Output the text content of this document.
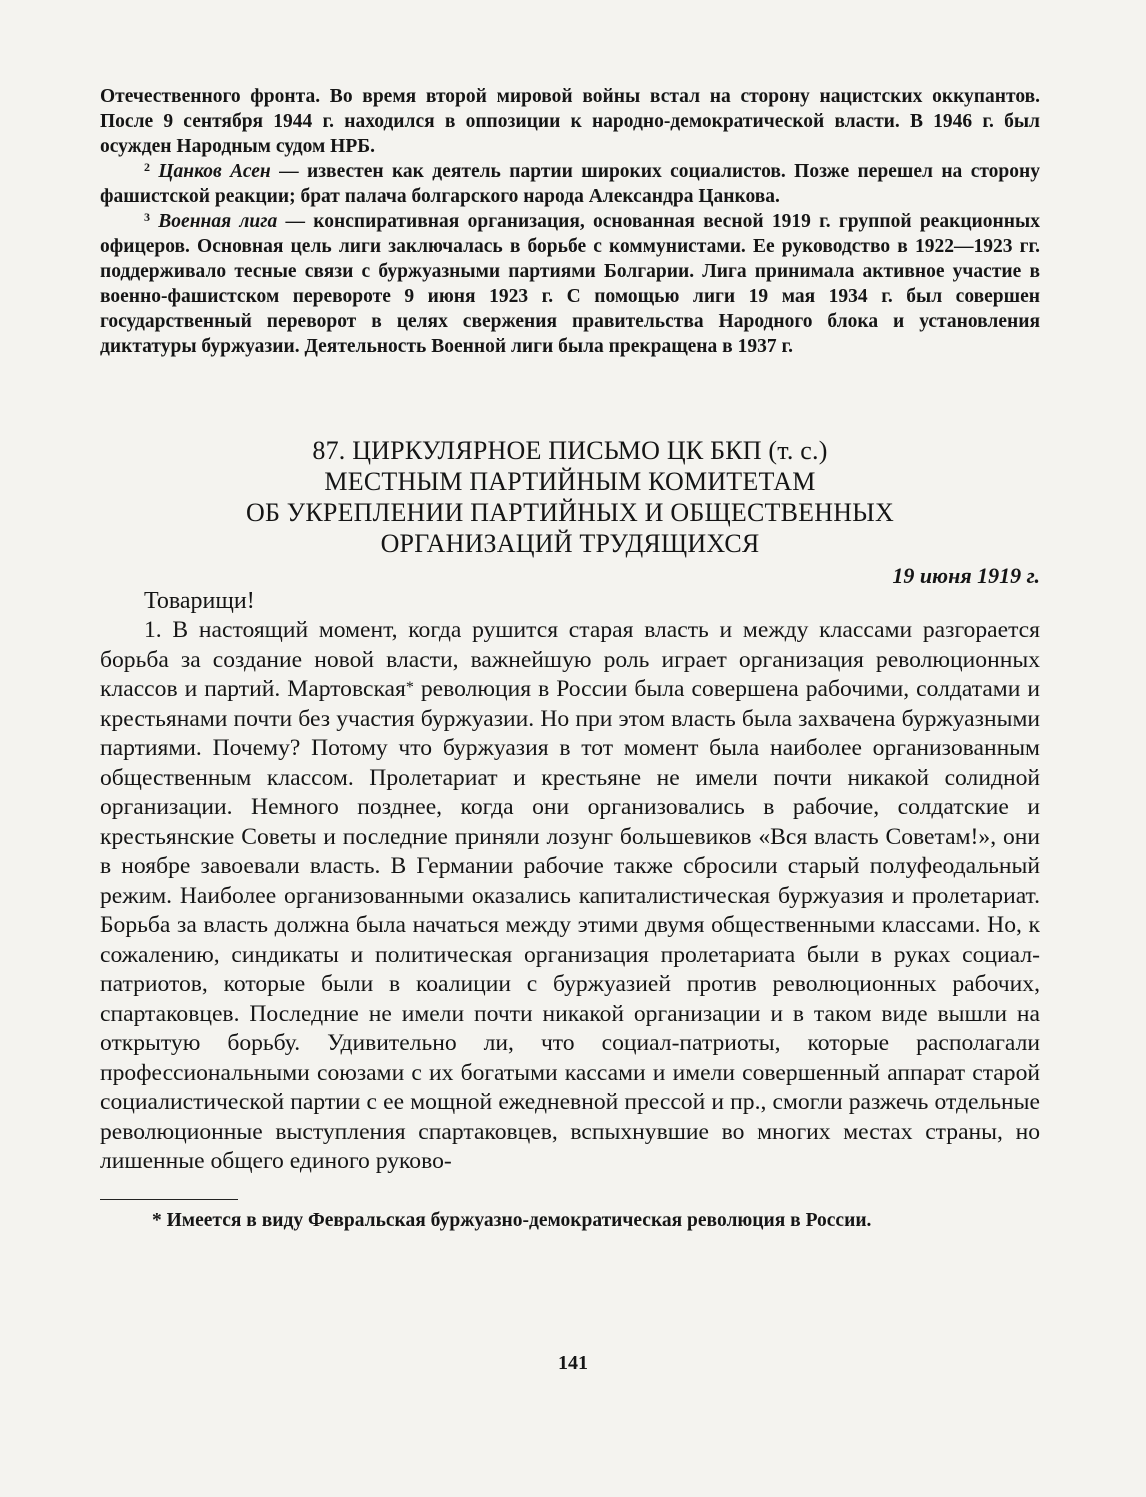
Отечественного фронта. Во время второй мировой войны встал на сторону нацистских оккупантов. После 9 сентября 1944 г. находился в оппозиции к народно-демократической власти. В 1946 г. был осужден Народным судом НРБ.

$^2$ Цанков Асен — известен как деятель партии широких социалистов. Позже перешел на сторону фашистской реакции; брат палача болгарского народа Александра Цанкова.

$^3$ Военная лига — конспиративная организация, основанная весной 1919 г. группой реакционных офицеров. Основная цель лиги заключалась в борьбе с коммунистами. Ее руководство в 1922—1923 гг. поддерживало тесные связи с буржуазными партиями Болгарии. Лига принимала активное участие в военно-фашистском перевороте 9 июня 1923 г. С помощью лиги 19 мая 1934 г. был совершен государственный переворот в целях свержения правительства Народного блока и установления диктатуры буржуазии. Деятельность Военной лиги была прекращена в 1937 г.

87. ЦИРКУЛЯРНОЕ ПИСЬМО ЦК БКП (т. с.)
МЕСТНЫМ ПАРТИЙНЫМ КОМИТЕТАМ
ОБ УКРЕПЛЕНИИ ПАРТИЙНЫХ И ОБЩЕСТВЕННЫХ
ОРГАНИЗАЦИЙ ТРУДЯЩИХСЯ
19 июня 1919 г.
Товарищи!

1. В настоящий момент, когда рушится старая власть и между классами разгорается борьба за создание новой власти, важнейшую роль играет организация революционных классов и партий. Мартовская* революция в России была совершена рабочими, солдатами и крестьянами почти без участия буржуазии. Но при этом власть была захвачена буржуазными партиями. Почему? Потому что буржуазия в тот момент была наиболее организованным общественным классом. Пролетариат и крестьяне не имели почти никакой солидной организации. Немного позднее, когда они организовались в рабочие, солдатские и крестьянские Советы и последние приняли лозунг большевиков «Вся власть Советам!», они в ноябре завоевали власть. В Германии рабочие также сбросили старый полуфеодальный режим. Наиболее организованными оказались капиталистическая буржуазия и пролетариат. Борьба за власть должна была начаться между этими двумя общественными классами. Но, к сожалению, синдикаты и политическая организация пролетариата были в руках социал-патриотов, которые были в коалиции с буржуазией против революционных рабочих, спартаковцев. Последние не имели почти никакой организации и в таком виде вышли на открытую борьбу. Удивительно ли, что социал-патриоты, которые располагали профессиональными союзами с их богатыми кассами и имели совершенный аппарат старой социалистической партии с ее мощной ежедневной прессой и пр., смогли разжечь отдельные революционные выступления спартаковцев, вспыхнувшие во многих местах страны, но лишенные общего единого руково-

* Имеется в виду Февральская буржуазно-демократическая революция в России.
141
